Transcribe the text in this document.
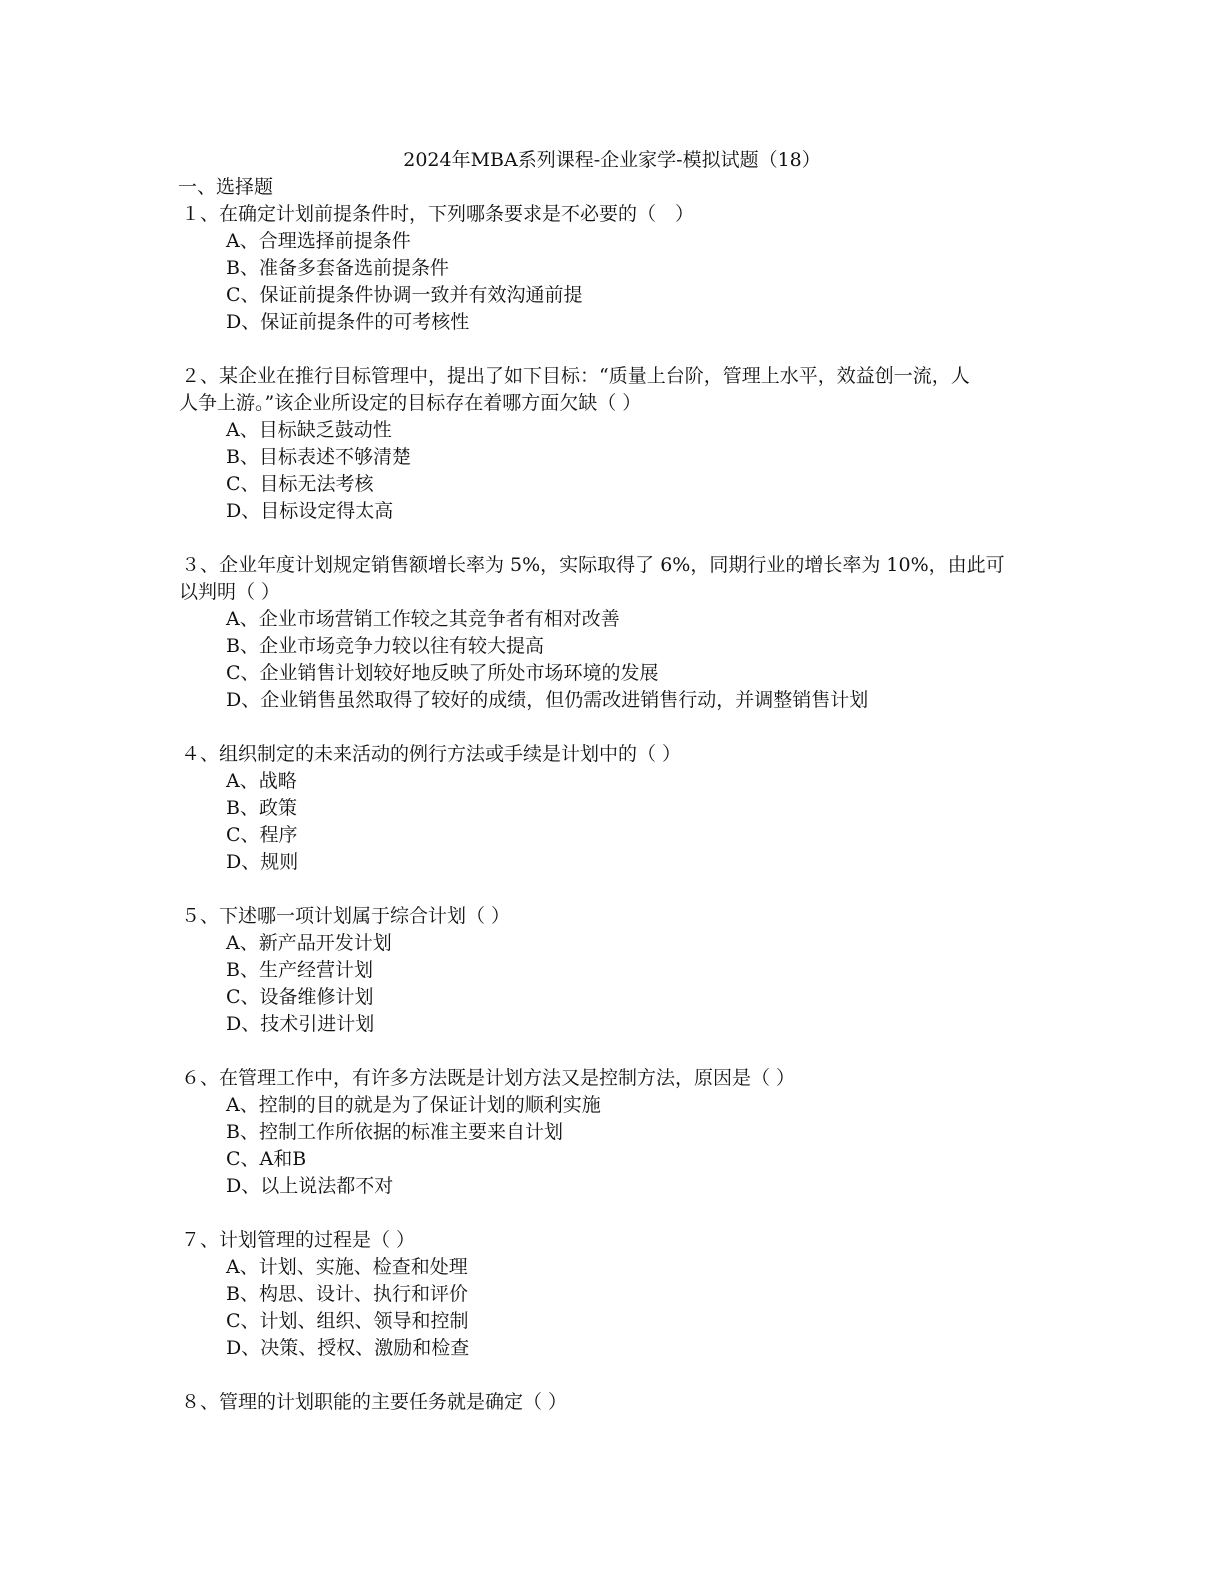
2024年MBA系列课程-企业家学-模拟试题（18）
一、选择题
１、在确定计划前提条件时，下列哪条要求是不必要的（　）
A、合理选择前提条件
B、准备多套备选前提条件
C、保证前提条件协调一致并有效沟通前提
D、保证前提条件的可考核性
２、某企业在推行目标管理中，提出了如下目标：“质量上台阶，管理上水平，效益创一流，人
人争上游。”该企业所设定的目标存在着哪方面欠缺（ ）
A、目标缺乏鼓动性
B、目标表述不够清楚
C、目标无法考核
D、目标设定得太高
３、企业年度计划规定销售额增长率为 5%，实际取得了 6%，同期行业的增长率为 10%，由此可
以判明（ ）
A、企业市场营销工作较之其竞争者有相对改善
B、企业市场竞争力较以往有较大提高
C、企业销售计划较好地反映了所处市场环境的发展
D、企业销售虽然取得了较好的成绩，但仍需改进销售行动，并调整销售计划
４、组织制定的未来活动的例行方法或手续是计划中的（ ）
A、战略
B、政策
C、程序
D、规则
５、下述哪一项计划属于综合计划（ ）
A、新产品开发计划
B、生产经营计划
C、设备维修计划
D、技术引进计划
６、在管理工作中，有许多方法既是计划方法又是控制方法，原因是（ ）
A、控制的目的就是为了保证计划的顺利实施
B、控制工作所依据的标准主要来自计划
C、A和B
D、以上说法都不对
７、计划管理的过程是（ ）
A、计划、实施、检查和处理
B、构思、设计、执行和评价
C、计划、组织、领导和控制
D、决策、授权、激励和检查
８、管理的计划职能的主要任务就是确定（ ）
